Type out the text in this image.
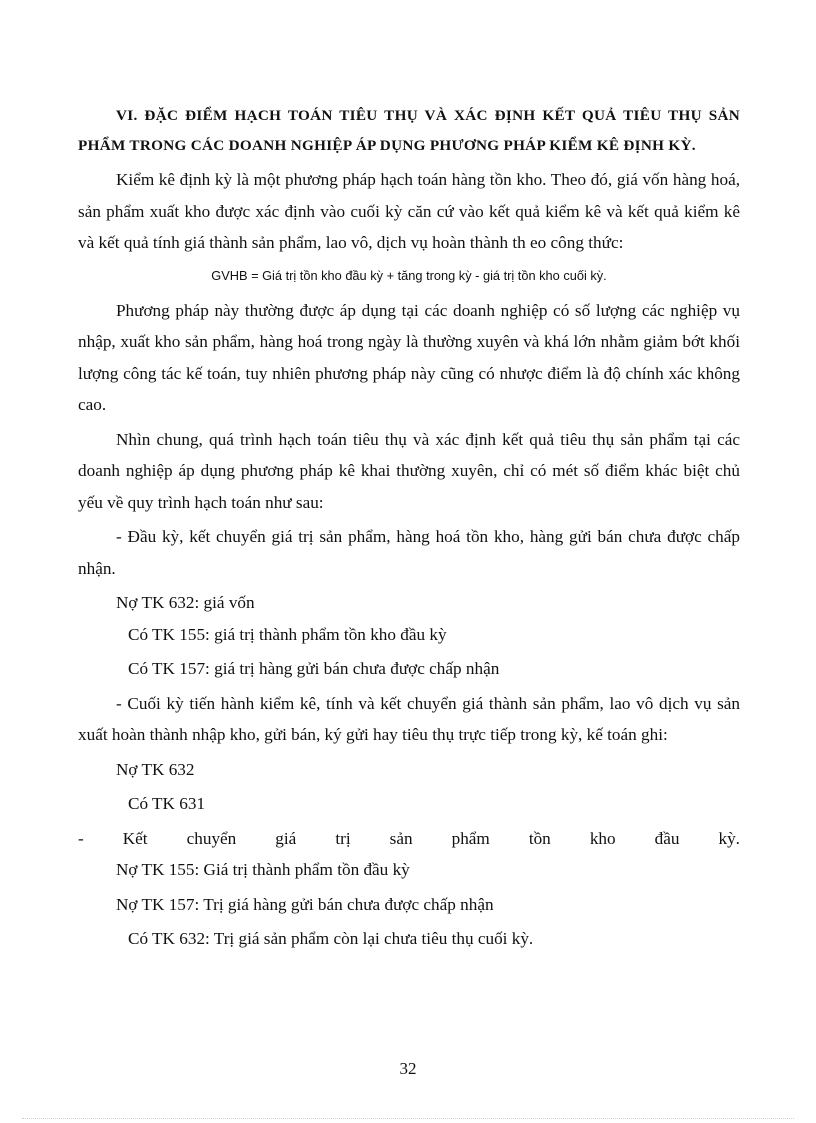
VI. ĐẶC ĐIỂM HẠCH TOÁN TIÊU THỤ VÀ XÁC ĐỊNH KẾT QUẢ TIÊU THỤ SẢN PHẨM TRONG CÁC DOANH NGHIỆP ÁP DỤNG PHƯƠNG PHÁP KIỂM KÊ ĐỊNH KỲ.

Kiểm kê định kỳ là một phương pháp hạch toán hàng tồn kho. Theo đó, giá vốn hàng hoá, sản phẩm xuất kho được xác định vào cuối kỳ căn cứ vào kết quả kiểm kê và kết quả kiểm kê và kết quả tính giá thành sản phẩm, lao vô, dịch vụ hoàn thành th eo công thức:

GVHB = Giá trị tồn kho đầu kỳ + tăng trong kỳ - giá trị tồn kho cuối kỳ.

Phương pháp này thường được áp dụng tại các doanh nghiệp có số lượng các nghiệp vụ nhập, xuất kho sản phẩm, hàng hoá trong ngày là thường xuyên và khá lớn nhằm giảm bớt khối lượng công tác kế toán, tuy nhiên phương pháp này cũng có nhược điểm là độ chính xác không cao.

Nhìn chung, quá trình hạch toán tiêu thụ và xác định kết quả tiêu thụ sản phẩm tại các doanh nghiệp áp dụng phương pháp kê khai thường xuyên, chỉ có mét số điểm khác biệt chủ yếu về quy trình hạch toán như sau:

- Đầu kỳ, kết chuyển giá trị sản phẩm, hàng hoá tồn kho, hàng gửi bán chưa được chấp nhận.

Nợ TK 632: giá vốn

Có TK 155: giá trị thành phẩm tồn kho đầu kỳ

Có TK 157: giá trị hàng gửi bán chưa được chấp nhận

- Cuối kỳ tiến hành kiểm kê, tính và kết chuyển giá thành sản phẩm, lao vô dịch vụ sản xuất hoàn thành nhập kho, gửi bán, ký gửi hay tiêu thụ trực tiếp trong kỳ, kế toán ghi:

Nợ TK 632

Có TK 631

- Kết chuyển giá trị sản phẩm tồn kho đầu kỳ.

Nợ TK 155: Giá trị thành phẩm tồn đầu kỳ

Nợ TK 157: Trị giá hàng gửi bán chưa được chấp nhận

Có TK 632: Trị giá sản phẩm còn lại chưa tiêu thụ cuối kỳ.

32
